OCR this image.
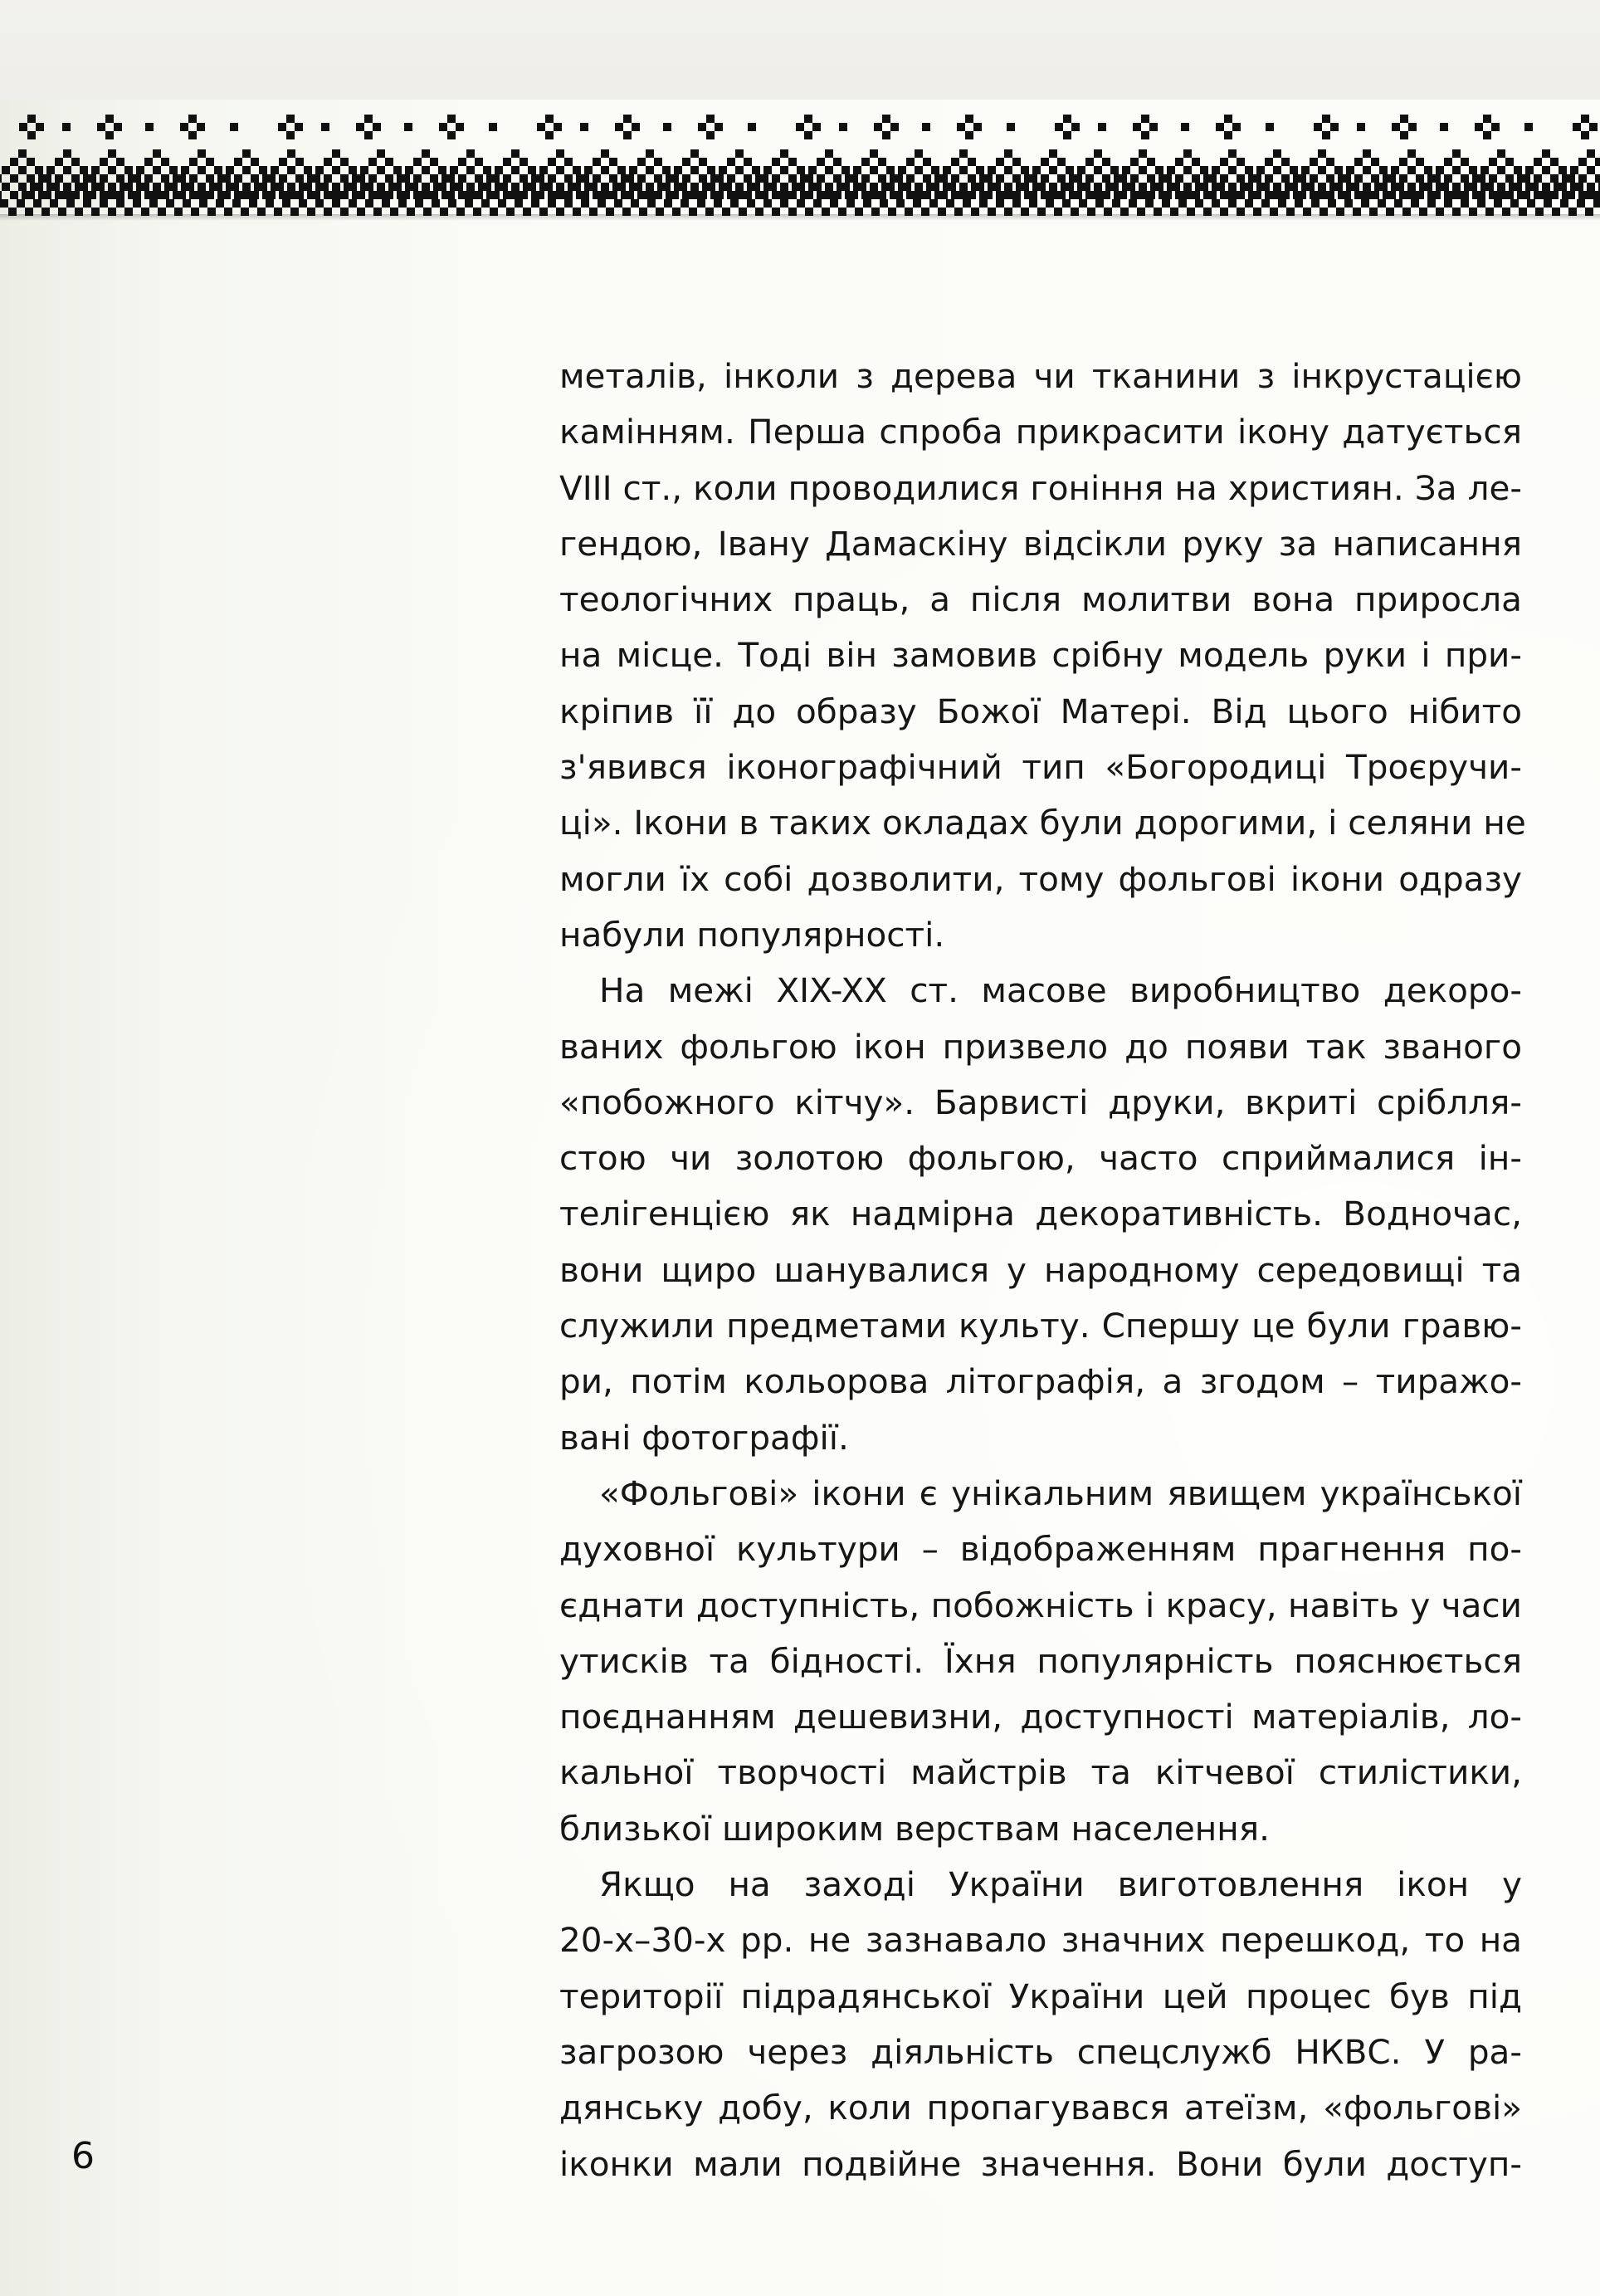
металів, інколи з дерева чи тканини з інкрустацією
камінням. Перша спроба прикрасити ікону датується
VIII ст., коли проводилися гоніння на християн. За ле-
гендою, Івану Дамаскіну відсікли руку за написання
теологічних праць, а після молитви вона приросла
на місце. Тоді він замовив срібну модель руки і при-
кріпив її до образу Божої Матері. Від цього нібито
з'явився іконографічний тип «Богородиці Троєручи-
ці». Ікони в таких окладах були дорогими, і селяни не
могли їх собі дозволити, тому фольгові ікони одразу
набули популярності.

На межі XIX-XX ст. масове виробництво декоро-
ваних фольгою ікон призвело до появи так званого
«побожного кітчу». Барвисті друки, вкриті сріблля-
стою чи золотою фольгою, часто сприймалися ін-
телігенцією як надмірна декоративність. Водночас,
вони щиро шанувалися у народному середовищі та
служили предметами культу. Спершу це були гравю-
ри, потім кольорова літографія, а згодом – тиражо-
вані фотографії.

«Фольгові» ікони є унікальним явищем української
духовної культури – відображенням прагнення по-
єднати доступність, побожність і красу, навіть у часи
утисків та бідності. Їхня популярність пояснюється
поєднанням дешевизни, доступності матеріалів, ло-
кальної творчості майстрів та кітчевої стилістики,
близької широким верствам населення.

Якщо на заході України виготовлення ікон у
20-х–30-х рр. не зазнавало значних перешкод, то на
території підрадянської України цей процес був під
загрозою через діяльність спецслужб НКВС. У ра-
дянську добу, коли пропагувався атеїзм, «фольгові»
іконки мали подвійне значення. Вони були доступ-

6
